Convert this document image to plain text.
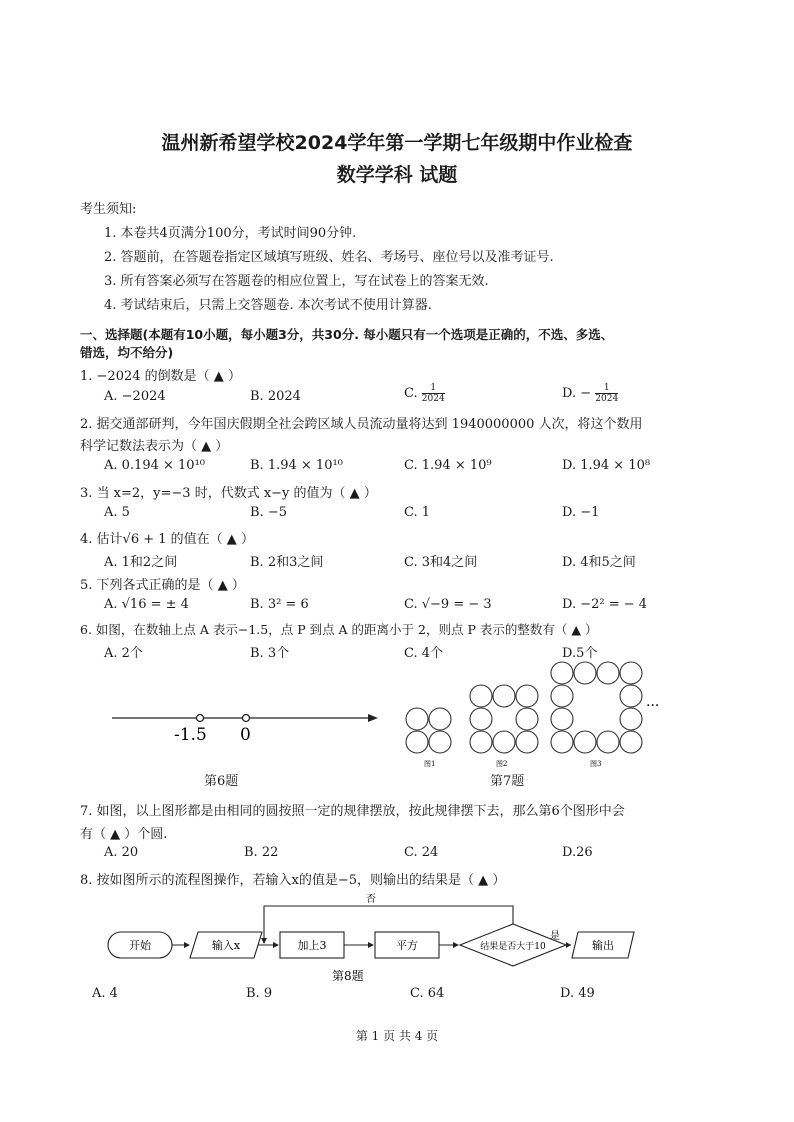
温州新希望学校2024学年第一学期七年级期中作业检查
数学学科 试题
考生须知:
1. 本卷共4页满分100分，考试时间90分钟.
2. 答题前，在答题卷指定区域填写班级、姓名、考场号、座位号以及准考证号.
3. 所有答案必须写在答题卷的相应位置上，写在试卷上的答案无效.
4. 考试结束后，只需上交答题卷. 本次考试不使用计算器.
一、选择题(本题有10小题，每小题3分，共30分. 每小题只有一个选项是正确的，不选、多选、
错选，均不给分)
1. −2024 的倒数是（ ▲ ）
A. −2024	B. 2024	C. $\frac{1}{2024}$	D. − $\frac{1}{2024}$
2. 据交通部研判，今年国庆假期全社会跨区域人员流动量将达到 1940000000 人次，将这个数用
科学记数法表示为（ ▲ ）
A. 0.194 × 10¹⁰	B. 1.94 × 10¹⁰	C. 1.94 × 10⁹	D. 1.94 × 10⁸
3. 当 x=2，y=−3 时，代数式 x−y 的值为（ ▲ ）
A. 5	B. −5	C. 1	D. −1
4. 估计√6 + 1 的值在（ ▲ ）
A. 1和2之间	B. 2和3之间	C. 3和4之间	D. 4和5之间
5. 下列各式正确的是（ ▲ ）
A. √16 = ± 4	B. 3² = 6	C. √−9 = − 3	D. −2² = − 4
6. 如图，在数轴上点 A 表示−1.5，点 P 到点 A 的距离小于 2，则点 P 表示的整数有（ ▲ ）
A. 2个	B. 3个	C. 4个	D.5个
-1.5 0
第6题
图1	图2	图3
···
第7题
7. 如图，以上图形都是由相同的圆按照一定的规律摆放，按此规律摆下去，那么第6个图形中会
有（ ▲ ）个圆.
A. 20	B. 22	C. 24	D.26
8. 按如图所示的流程图操作，若输入x的值是−5，则输出的结果是（ ▲ ）
开始	输入x	加上3	平方	结果是否大于10	输出
是
否
第8题
A. 4	B. 9	C. 64	D. 49
第 1 页 共 4 页
